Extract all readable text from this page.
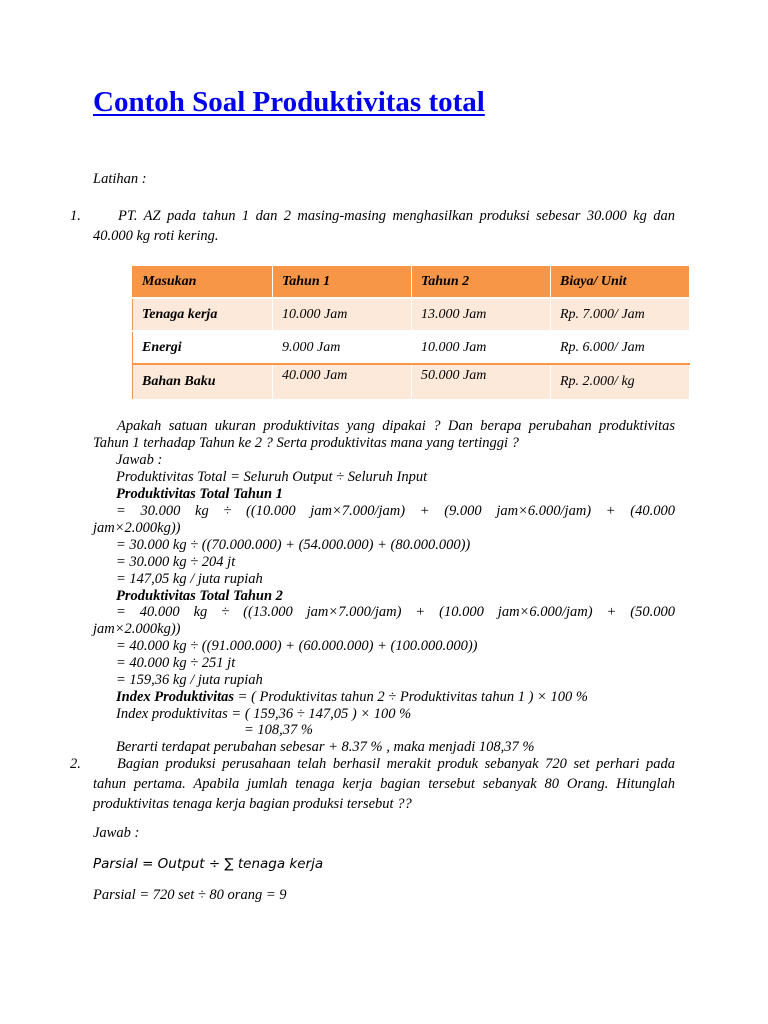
Contoh Soal Produktivitas total
Latihan :
1.	PT. AZ pada tahun 1 dan 2 masing-masing menghasilkan produksi sebesar 30.000 kg dan
40.000 kg roti kering.
Masukan	Tahun 1	Tahun 2	Biaya/ Unit
Tenaga kerja	10.000 Jam	13.000 Jam	Rp. 7.000/ Jam
Energi	9.000 Jam	10.000 Jam	Rp. 6.000/ Jam
Bahan Baku	40.000 Jam	50.000 Jam	Rp. 2.000/ kg
Apakah satuan ukuran produktivitas yang dipakai ? Dan berapa perubahan produktivitas
Tahun 1 terhadap Tahun ke 2 ? Serta produktivitas mana yang tertinggi ?
Jawab :
Produktivitas Total = Seluruh Output ÷ Seluruh Input
Produktivitas Total Tahun 1
= 30.000 kg ÷ ((10.000 jam×7.000/jam) + (9.000 jam×6.000/jam) + (40.000
jam×2.000kg))
= 30.000 kg ÷ ((70.000.000) + (54.000.000) + (80.000.000))
= 30.000 kg ÷ 204 jt
= 147,05 kg / juta rupiah
Produktivitas Total Tahun 2
= 40.000 kg ÷ ((13.000 jam×7.000/jam) + (10.000 jam×6.000/jam) + (50.000
jam×2.000kg))
= 40.000 kg ÷ ((91.000.000) + (60.000.000) + (100.000.000))
= 40.000 kg ÷ 251 jt
= 159,36 kg / juta rupiah
Index Produktivitas = ( Produktivitas tahun 2 ÷ Produktivitas tahun 1 ) × 100 %
Index produktivitas = ( 159,36 ÷ 147,05 ) × 100 %
= 108,37 %
Berarti terdapat perubahan sebesar + 8.37 % , maka menjadi 108,37 %
2.	Bagian produksi perusahaan telah berhasil merakit produk sebanyak 720 set perhari pada
tahun pertama. Apabila jumlah tenaga kerja bagian tersebut sebanyak 80 Orang. Hitunglah
produktivitas tenaga kerja bagian produksi tersebut ??
Jawab :
Parsial = Output ÷ ∑ tenaga kerja
Parsial = 720 set ÷ 80 orang = 9
